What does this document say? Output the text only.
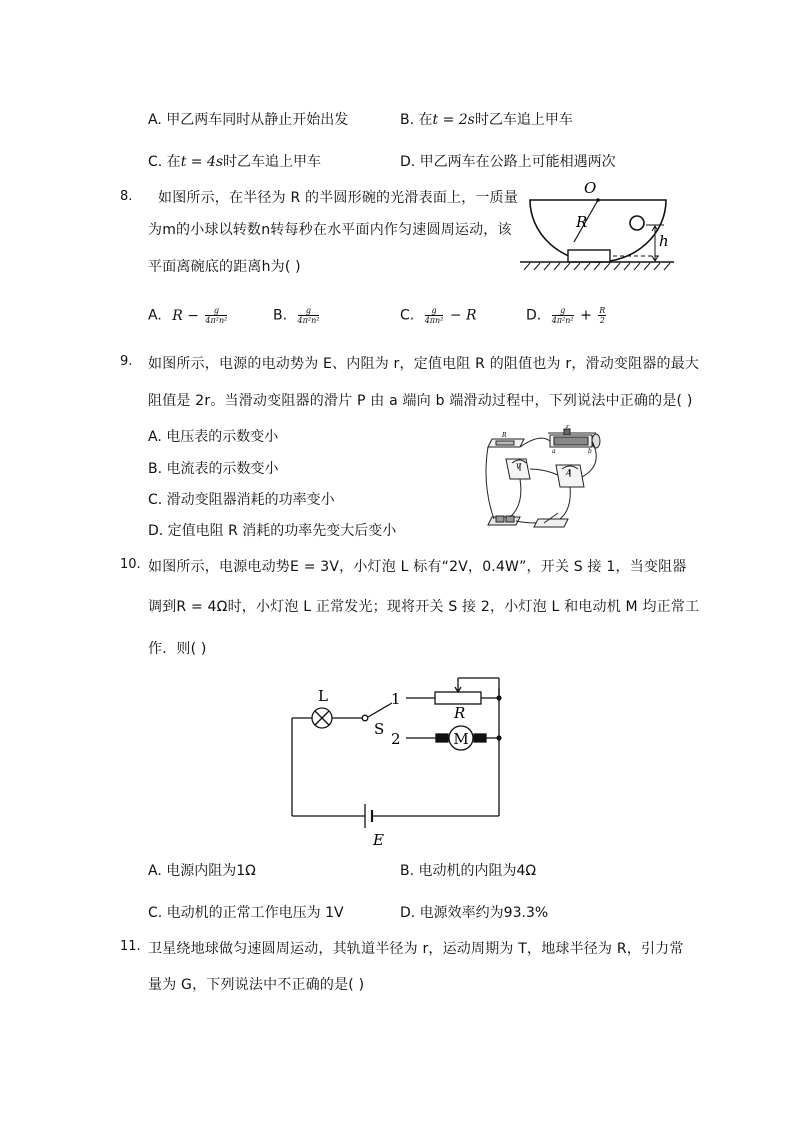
A. 甲乙两车同时从静止开始出发	B. 在t = 2s时乙车追上甲车
C. 在t = 4s时乙车追上甲车	D. 甲乙两车在公路上可能相遇两次
8. 如图所示，在半径为 R 的半圆形碗的光滑表面上，一质量
为m的小球以转数n转每秒在水平面内作匀速圆周运动，该
平面离碗底的距离h为( )
O
R
h
A. $R - \frac{g}{\text{4π²n²}}$	B. $\frac{g}{\text{4π²n²}}$	C. $\frac{g}{\text{4πn²}} - R$	D. $\frac{g}{\text{4π²n²}} + \frac{R}{2}$
9. 如图所示，电源的电动势为 E、内阻为 r，定值电阻 R 的阻值也为 r，滑动变阻器的最大
阻值是 2r。当滑动变阻器的滑片 P 由 a 端向 b 端滑动过程中，下列说法中正确的是( )
A. 电压表的示数变小
B. 电流表的示数变小
C. 滑动变阻器消耗的功率变小
D. 定值电阻 R 消耗的功率先变大后变小
R
P
V
A
a	b
10. 如图所示，电源电动势E = 3V，小灯泡 L 标有“2V，0.4W”，开关 S 接 1，当变阻器
调到R = 4Ω时，小灯泡 L 正常发光；现将开关 S 接 2，小灯泡 L 和电动机 M 均正常工
作．则( )
L	1
S
2
R
M
E
A. 电源内阻为1Ω	B. 电动机的内阻为4Ω
C. 电动机的正常工作电压为 1V	D. 电源效率约为93.3%
11. 卫星绕地球做匀速圆周运动，其轨道半径为 r，运动周期为 T，地球半径为 R，引力常
量为 G，下列说法中不正确的是( )
